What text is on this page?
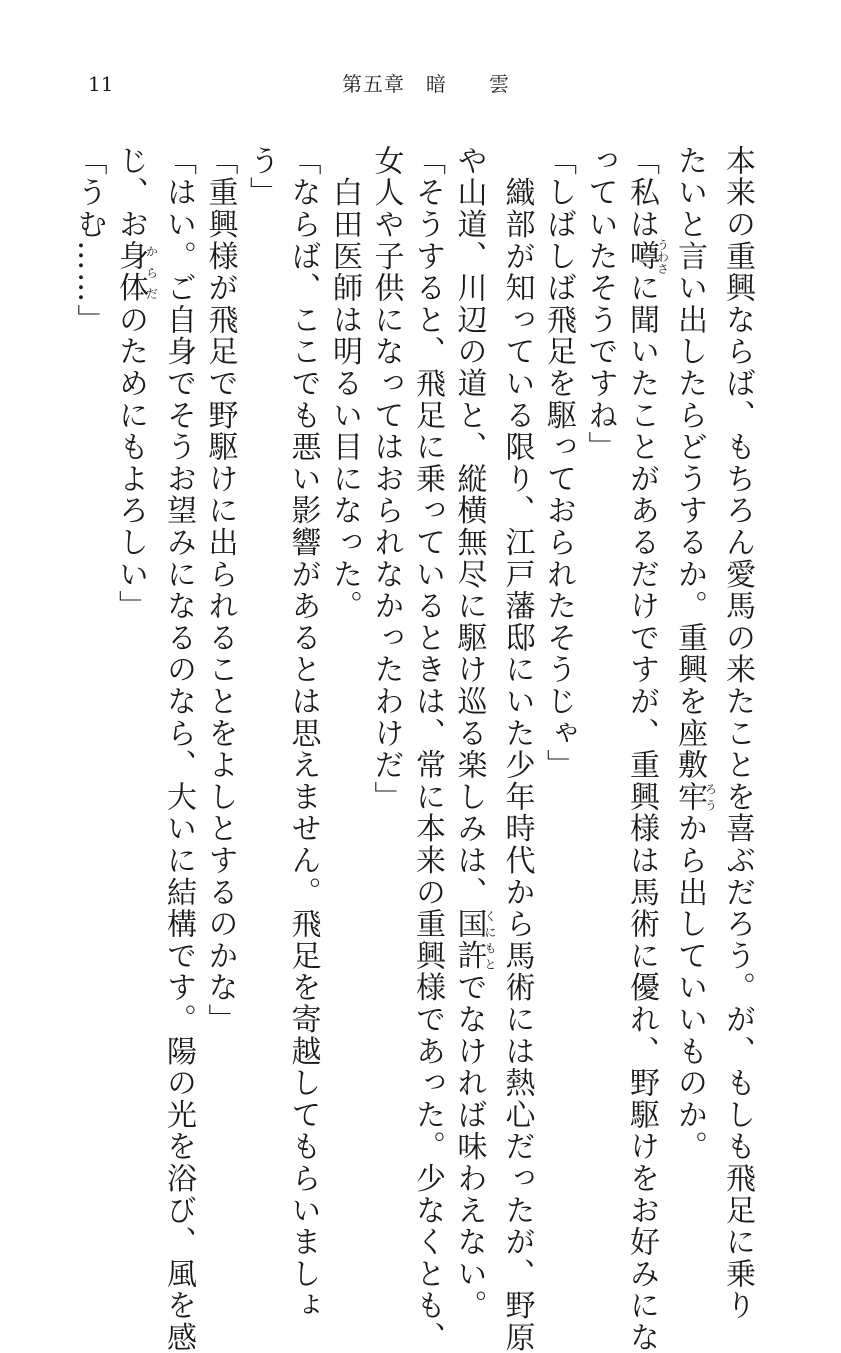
11	第五章　暗　　雲
本来の重興ならば、もちろん愛馬の来たことを喜ぶだろう。が、もしも飛足に乗り
たいと言い出したらどうするか。重興を座敷牢ろうから出していいものか。
「私は噂うわさに聞いたことがあるだけですが、重興様は馬術に優れ、野駆けをお好みにな
っていたそうですね」
「しばしば飛足を駆っておられたそうじゃ」
　織部が知っている限り、江戸藩邸にいた少年時代から馬術には熱心だったが、野原
や山道、川辺の道と、縦横無尽に駆け巡る楽しみは、国許くにもとでなければ味わえない。
「そうすると、飛足に乗っているときは、常に本来の重興様であった。少なくとも、
女人や子供になってはおられなかったわけだ」
　白田医師は明るい目になった。
「ならば、ここでも悪い影響があるとは思えません。飛足を寄越してもらいましょ
う」
「重興様が飛足で野駆けに出られることをよしとするのかな」
「はい。ご自身でそうお望みになるのなら、大いに結構です。陽の光を浴び、風を感
じ、お身体からだのためにもよろしい」
「うむ……」
